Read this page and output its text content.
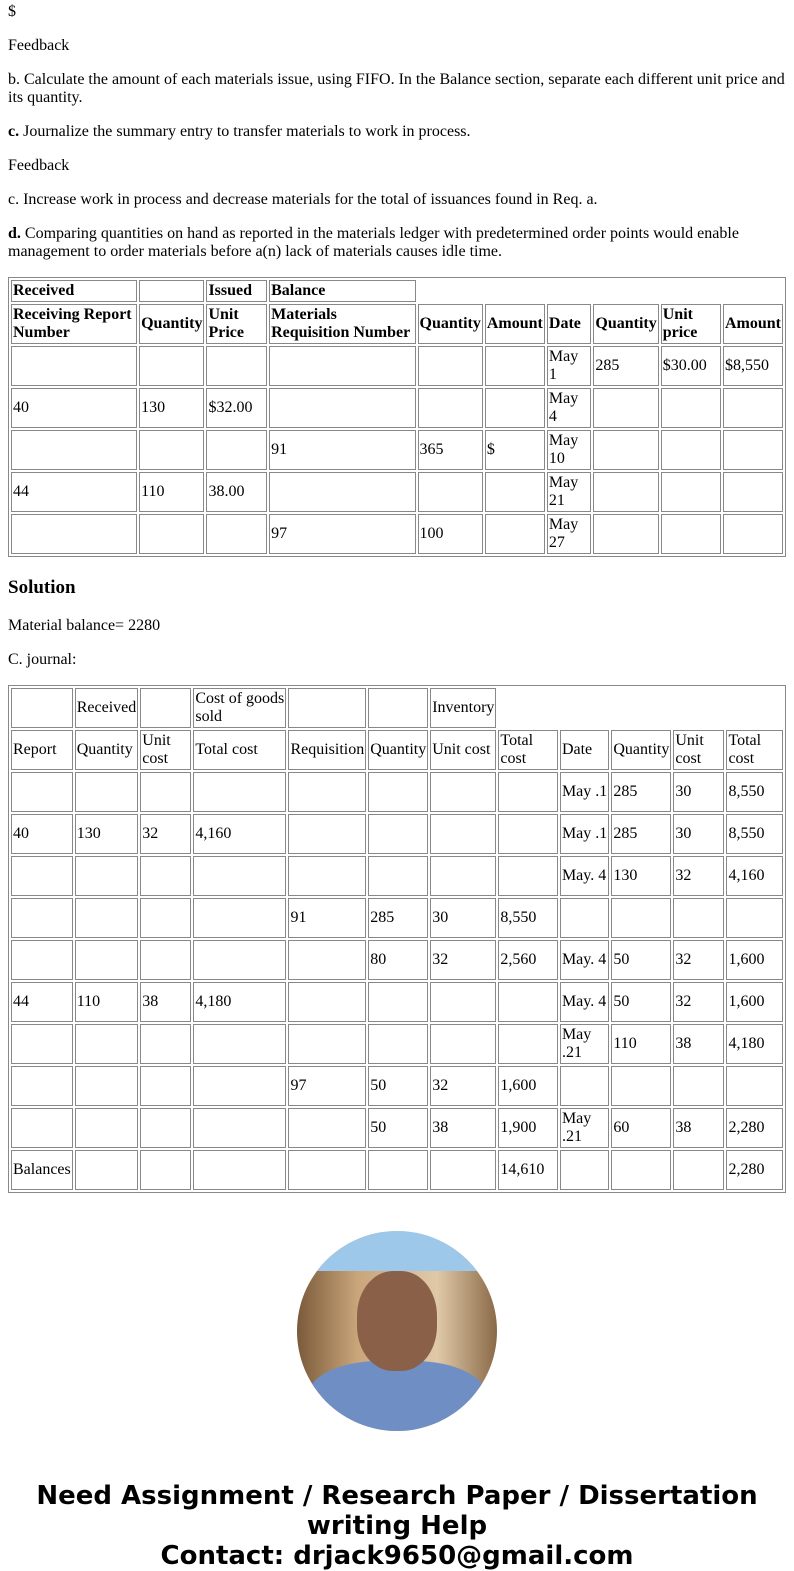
$

Feedback

b. Calculate the amount of each materials issue, using FIFO. In the Balance section, separate each different unit price and its quantity.

c. Journalize the summary entry to transfer materials to work in process.

Feedback

c. Increase work in process and decrease materials for the total of issuances found in Req. a.

d. Comparing quantities on hand as reported in the materials ledger with predetermined order points would enable management to order materials before a(n) lack of materials causes idle time.

Received		Issued	Balance						
Receiving Report Number	Quantity	Unit Price	Materials Requisition Number	Quantity	Amount	Date	Quantity	Unit price	Amount
						May 1	285	$30.00	$8,550
40	130	$32.00				May 4			
			91	365	$	May 10			
44	110	38.00				May 21			
			97	100		May 27			
Solution

Material balance= 2280

C. journal:

	Received		Cost of goods sold			Inventory					
Report	Quantity	Unit cost	Total cost	Requisition	Quantity	Unit cost	Total cost	Date	Quantity	Unit cost	Total cost
								May .1	285	30	8,550
40	130	32	4,160					May .1	285	30	8,550
								May. 4	130	32	4,160
				91	285	30	8,550				
					80	32	2,560	May. 4	50	32	1,600
44	110	38	4,180					May. 4	50	32	1,600
								May .21	110	38	4,180
				97	50	32	1,600				
					50	38	1,900	May .21	60	38	2,280
Balances							14,610				2,280
Need Assignment / Research Paper / Dissertation
writing Help
Contact: drjack9650@gmail.com
